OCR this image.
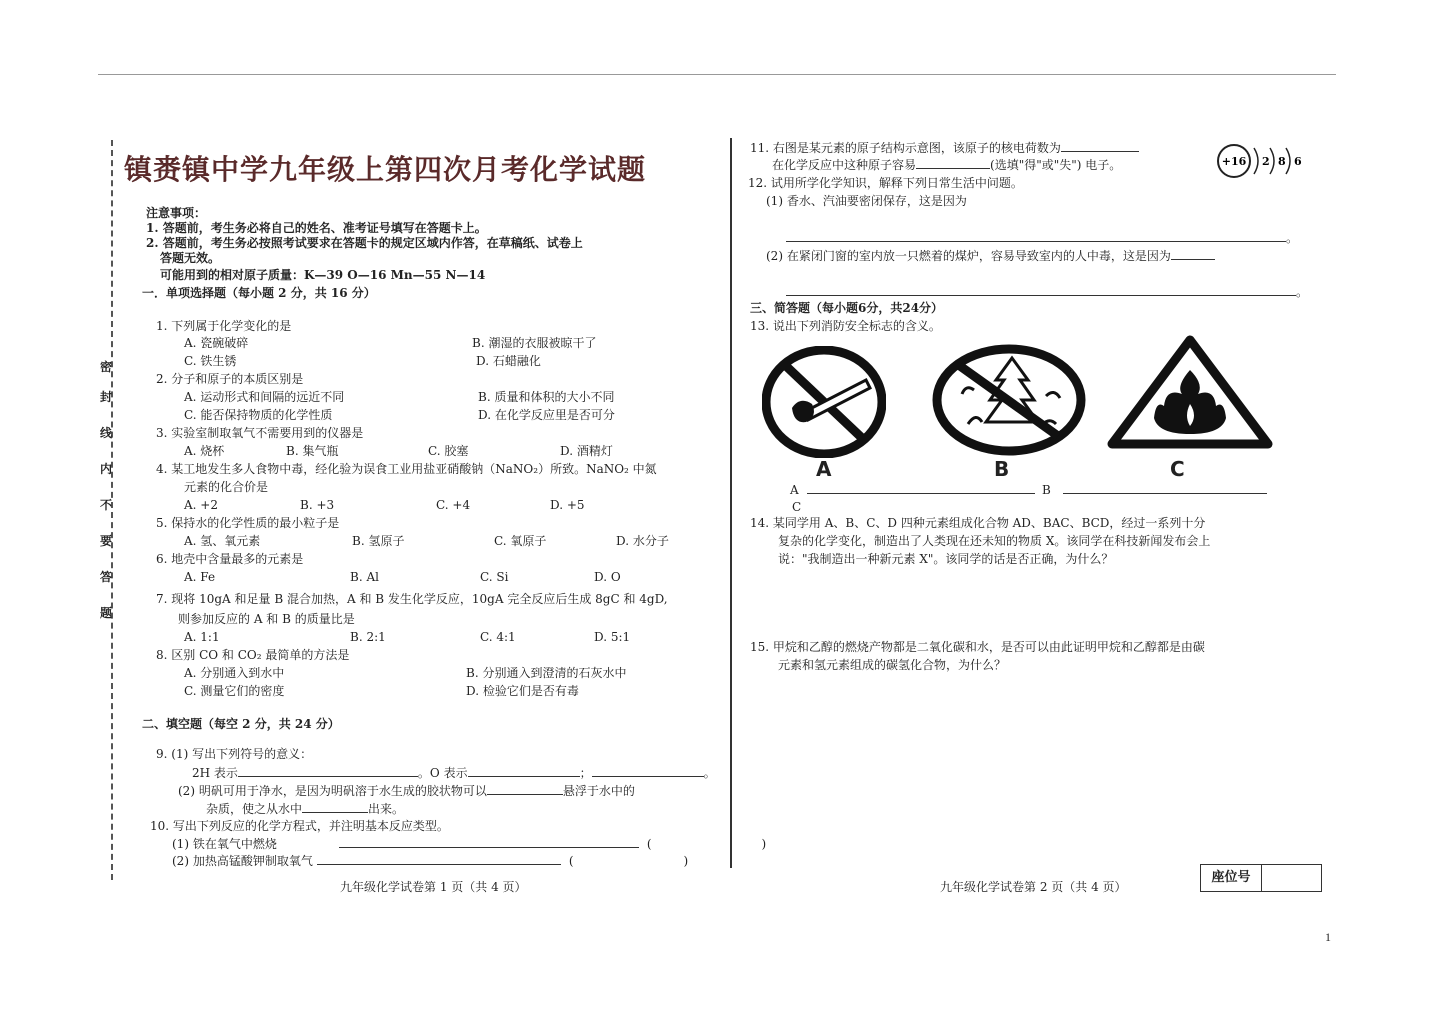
密
封
线
内
不
要
答
题
镇赉镇中学九年级上第四次月考化学试题
注意事项：
1. 答题前，考生务必将自己的姓名、准考证号填写在答题卡上。
2. 答题前，考生务必按照考试要求在答题卡的规定区域内作答，在草稿纸、试卷上
答题无效。
可能用到的相对原子质量：K—39 O—16 Mn—55 N—14
一．单项选择题（每小题 2 分，共 16 分）
1. 下列属于化学变化的是
A. 瓷碗破碎	B. 潮湿的衣服被晾干了
C. 铁生锈	D. 石蜡融化
2. 分子和原子的本质区别是
A. 运动形式和间隔的远近不同	B. 质量和体积的大小不同
C. 能否保持物质的化学性质	D. 在化学反应里是否可分
3. 实验室制取氧气不需要用到的仪器是
A. 烧杯	B. 集气瓶	C. 胶塞	D. 酒精灯
4. 某工地发生多人食物中毒，经化验为误食工业用盐亚硝酸钠（NaNO₂）所致。NaNO₂ 中氮
元素的化合价是
A. +2	B. +3	C. +4	D. +5
5. 保持水的化学性质的最小粒子是
A. 氢、氧元素	B. 氢原子	C. 氧原子	D. 水分子
6. 地壳中含量最多的元素是
A. Fe	B. Al	C. Si	D. O
7. 现将 10gA 和足量 B 混合加热，A 和 B 发生化学反应，10gA 完全反应后生成 8gC 和 4gD,
则参加反应的 A 和 B 的质量比是
A. 1:1	B. 2:1	C. 4:1	D. 5:1
8. 区别 CO 和 CO₂ 最简单的方法是
A. 分别通入到水中	B. 分别通入到澄清的石灰水中
C. 测量它们的密度	D. 检验它们是否有毒
二、填空题（每空 2 分，共 24 分）
9. (1) 写出下列符号的意义：
2H 表示	。O 表示	；	。
(2) 明矾可用于净水，是因为明矾溶于水生成的胶状物可以	悬浮于水中的
杂质，使之从水中	出来。
10. 写出下列反应的化学方程式，并注明基本反应类型。
(1) 铁在氧气中燃烧	(	)
(2) 加热高锰酸钾制取氧气	(	)
九年级化学试卷第 1 页（共 4 页）
11. 右图是某元素的原子结构示意图，该原子的核电荷数为
在化学反应中这种原子容易	(选填"得"或"失") 电子。	+16 2 8 6
12. 试用所学化学知识，解释下列日常生活中问题。
(1) 香水、汽油要密闭保存，这是因为
。
(2) 在紧闭门窗的室内放一只燃着的煤炉，容易导致室内的人中毒，这是因为
。
三、简答题（每小题6分，共24分）
13. 说出下列消防安全标志的含义。
A	B	C
A	B
C
14. 某同学用 A、B、C、D 四种元素组成化合物 AD、BAC、BCD，经过一系列十分
复杂的化学变化，制造出了人类现在还未知的物质 X。该同学在科技新闻发布会上
说："我制造出一种新元素 X"。该同学的话是否正确，为什么？
15. 甲烷和乙醇的燃烧产物都是二氧化碳和水，是否可以由此证明甲烷和乙醇都是由碳
元素和氢元素组成的碳氢化合物，为什么？
九年级化学试卷第 2 页（共 4 页）
座位号
1
